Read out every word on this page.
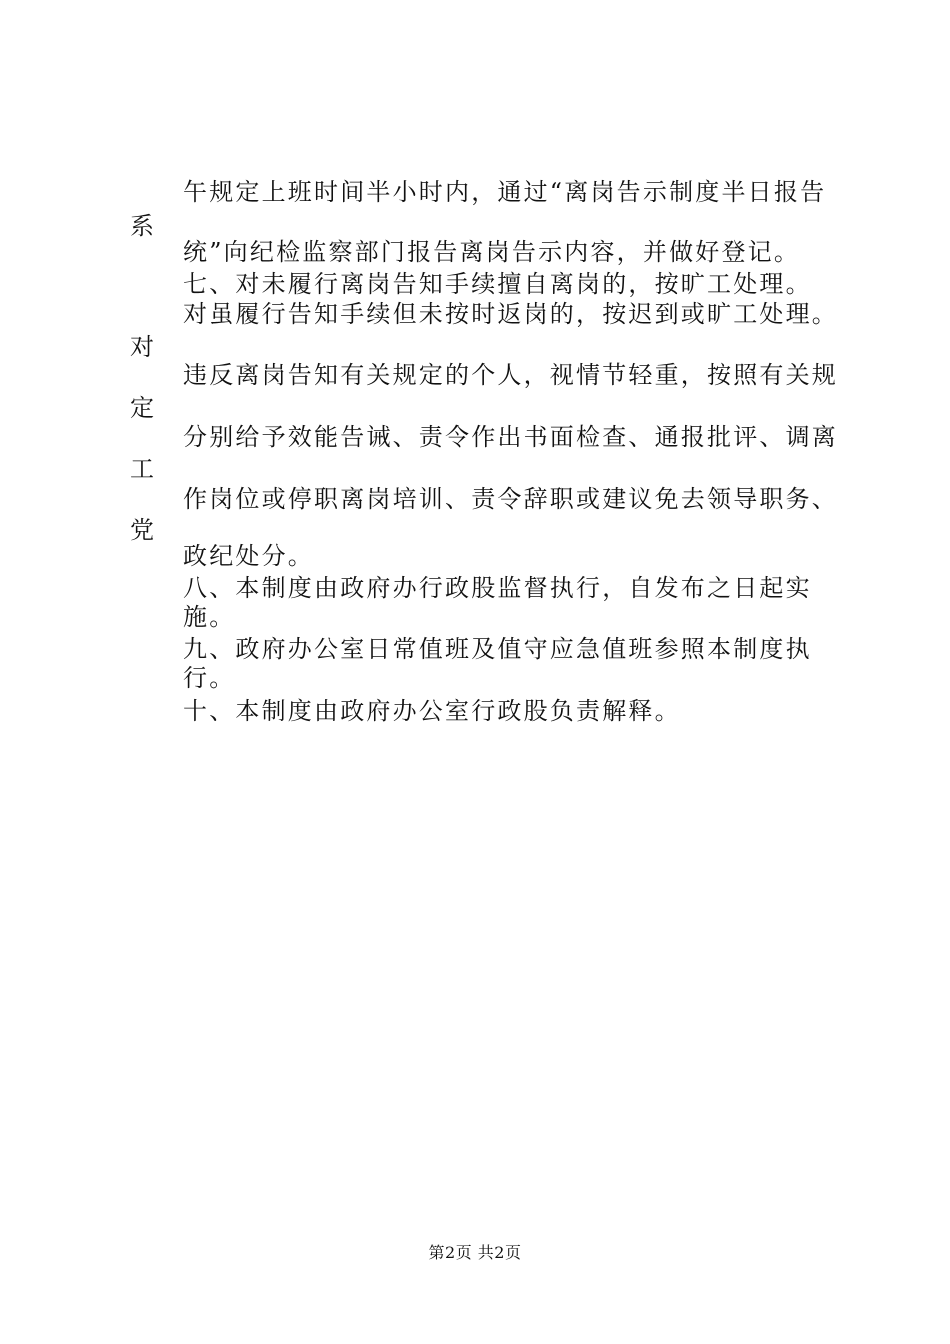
午规定上班时间半小时内，通过“离岗告示制度半日报告
系
统”向纪检监察部门报告离岗告示内容，并做好登记。
七、对未履行离岗告知手续擅自离岗的，按旷工处理。
对虽履行告知手续但未按时返岗的，按迟到或旷工处理。
对
违反离岗告知有关规定的个人，视情节轻重，按照有关规
定
分别给予效能告诫、责令作出书面检查、通报批评、调离
工
作岗位或停职离岗培训、责令辞职或建议免去领导职务、
党
政纪处分。
八、本制度由政府办行政股监督执行，自发布之日起实
施。
九、政府办公室日常值班及值守应急值班参照本制度执
行。
十、本制度由政府办公室行政股负责解释。
第2页 共2页
